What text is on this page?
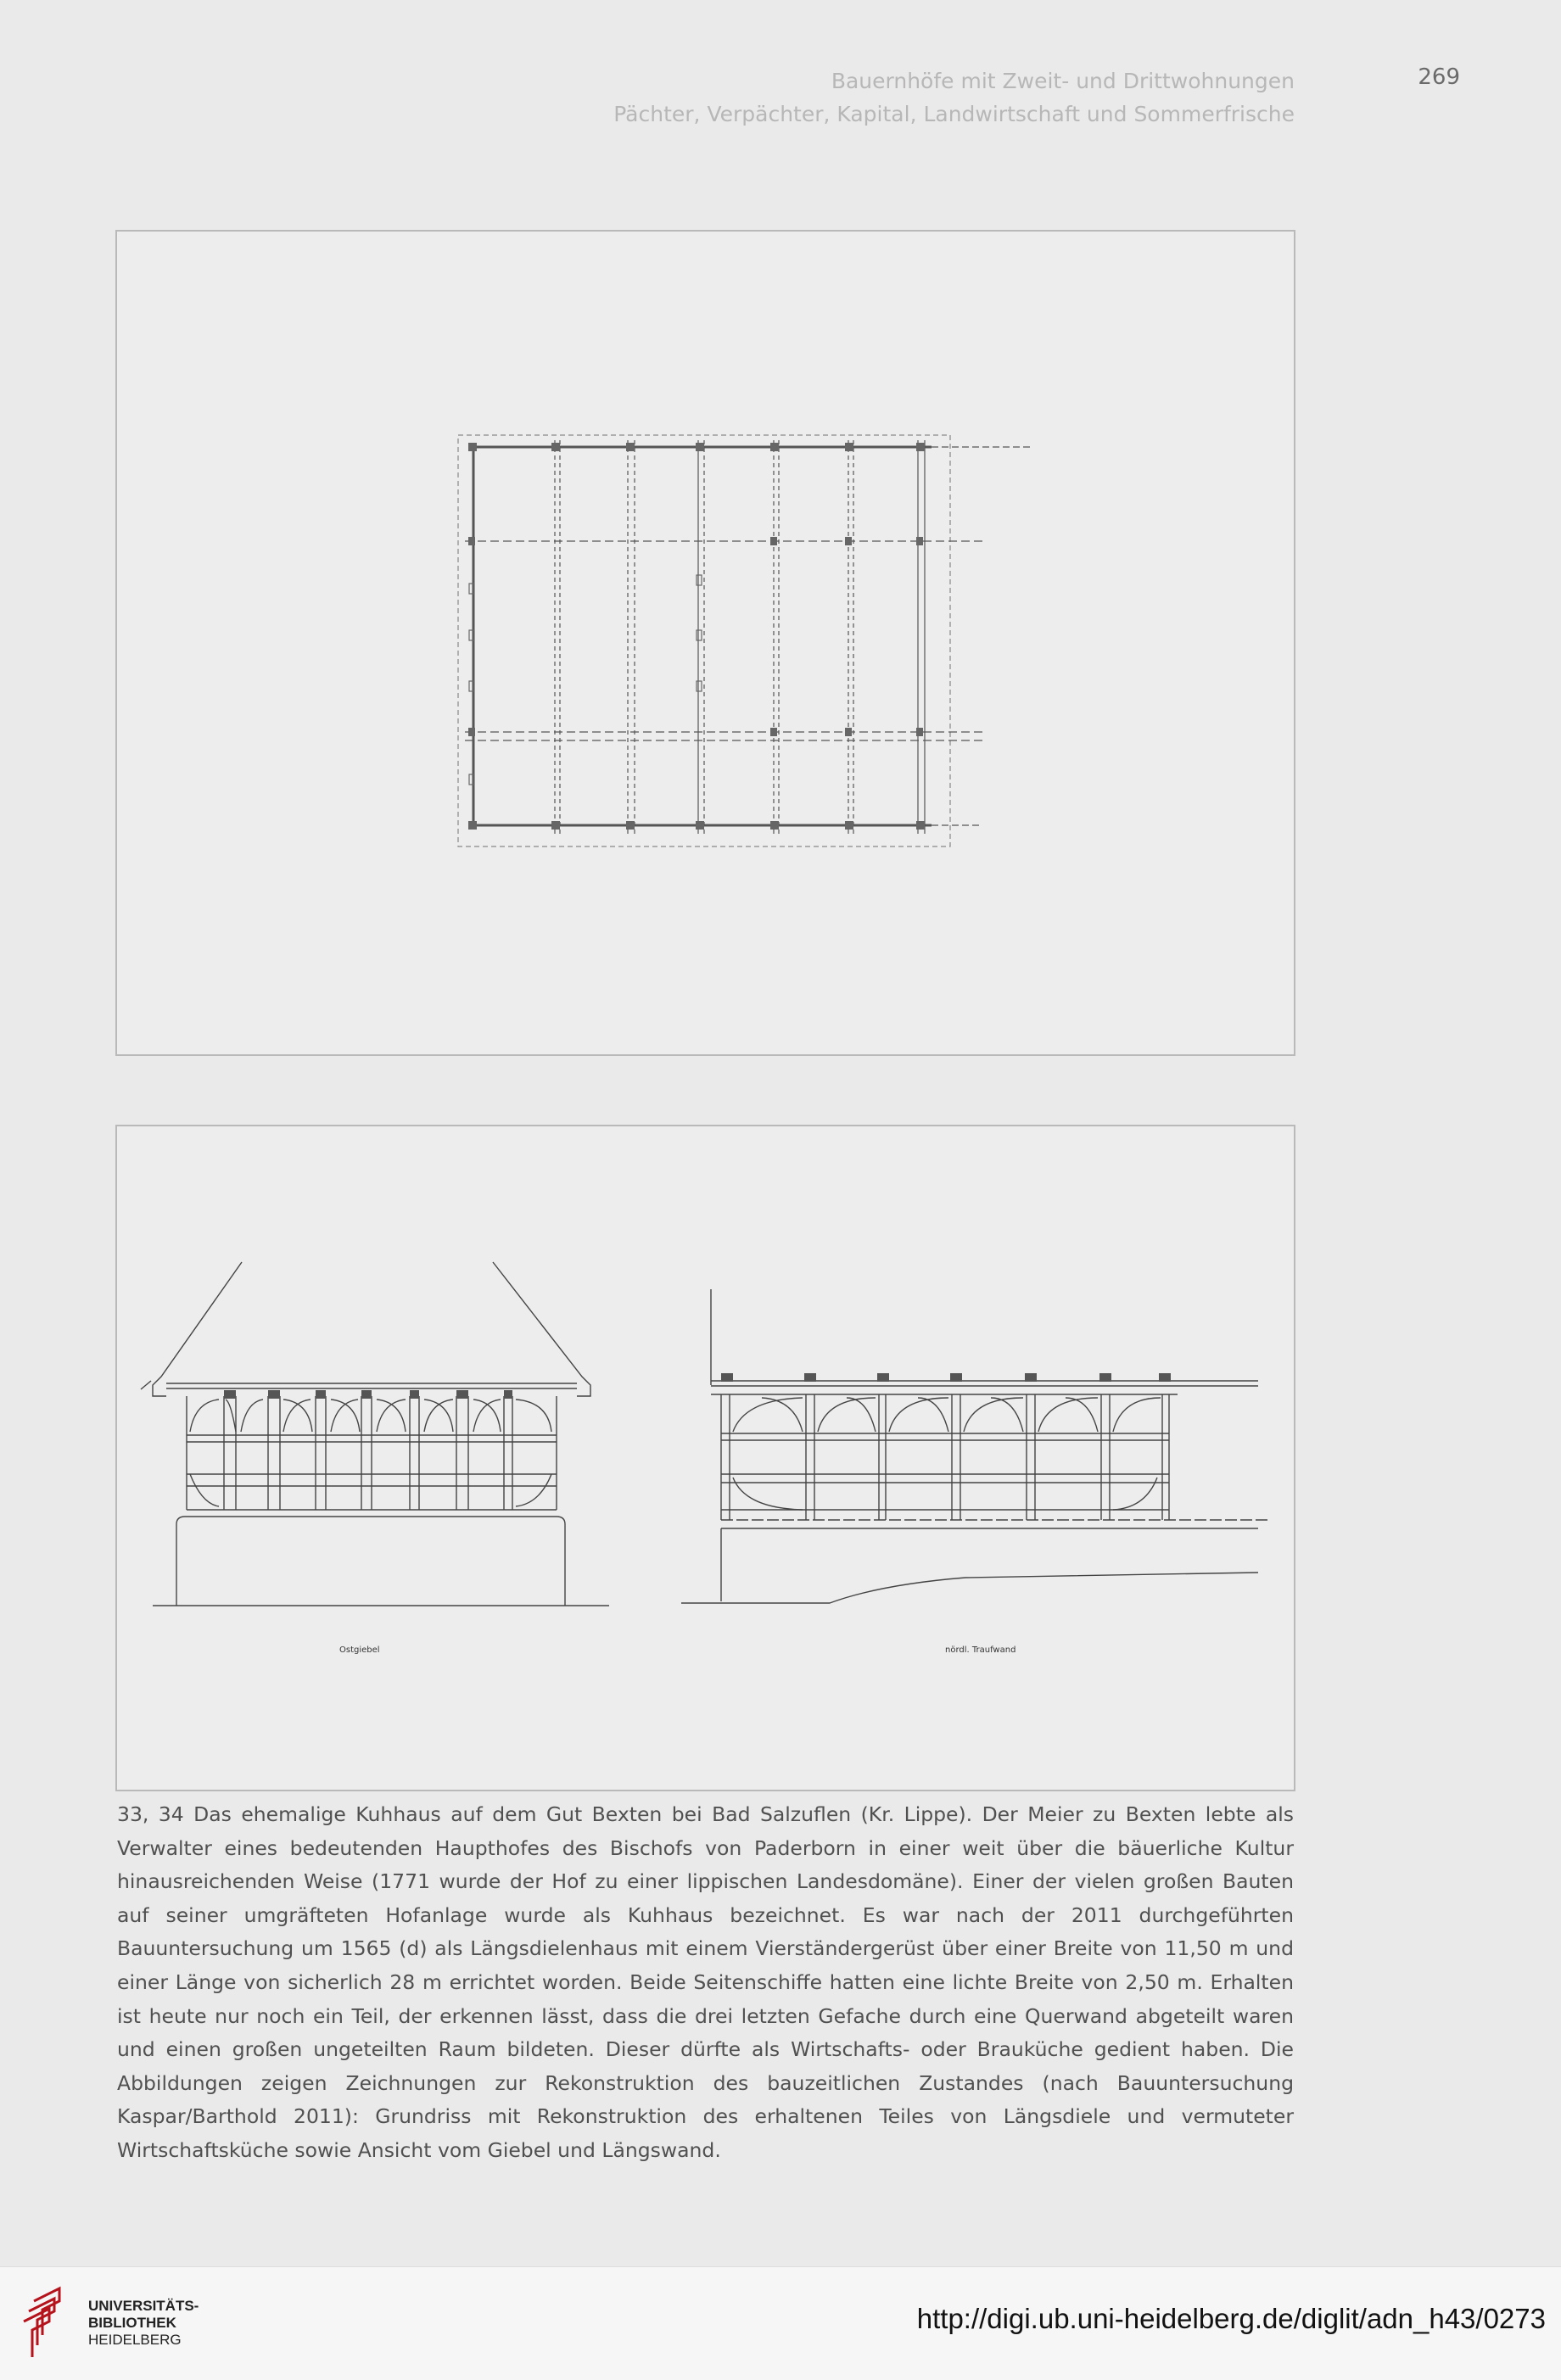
Bauernhöfe mit Zweit- und Drittwohnungen
Pächter, Verpächter, Kapital, Landwirtschaft und Sommerfrische
269
Ostgiebel	nördl. Traufwand
33, 34 Das ehemalige Kuhhaus auf dem Gut Bexten bei Bad Salzuflen (Kr. Lippe). Der Meier zu Bexten lebte als Verwalter eines bedeutenden Haupthofes des Bischofs von Paderborn in einer weit über die bäuerliche Kultur hinausreichenden Weise (1771 wurde der Hof zu einer lippischen Landesdomäne). Einer der vielen großen Bauten auf seiner umgräfteten Hofanlage wurde als Kuhhaus bezeichnet. Es war nach der 2011 durchgeführten Bauuntersuchung um 1565 (d) als Längsdielenhaus mit einem Vierständergerüst über einer Breite von 11,50 m und einer Länge von sicherlich 28 m errichtet worden. Beide Seitenschiffe hatten eine lichte Breite von 2,50 m. Erhalten ist heute nur noch ein Teil, der erkennen lässt, dass die drei letzten Gefache durch eine Querwand abgeteilt waren und einen großen ungeteilten Raum bildeten. Dieser dürfte als Wirtschafts- oder Brauküche gedient haben. Die Abbildungen zeigen Zeichnungen zur Rekonstruktion des bauzeitlichen Zustandes (nach Bauuntersuchung Kaspar/Barthold 2011): Grundriss mit Rekonstruktion des erhaltenen Teiles von Längsdiele und vermuteter Wirtschaftsküche sowie Ansicht vom Giebel und Längswand.
UNIVERSITÄTS-
BIBLIOTHEK
HEIDELBERG
http://digi.ub.uni-heidelberg.de/diglit/adn_h43/0273
